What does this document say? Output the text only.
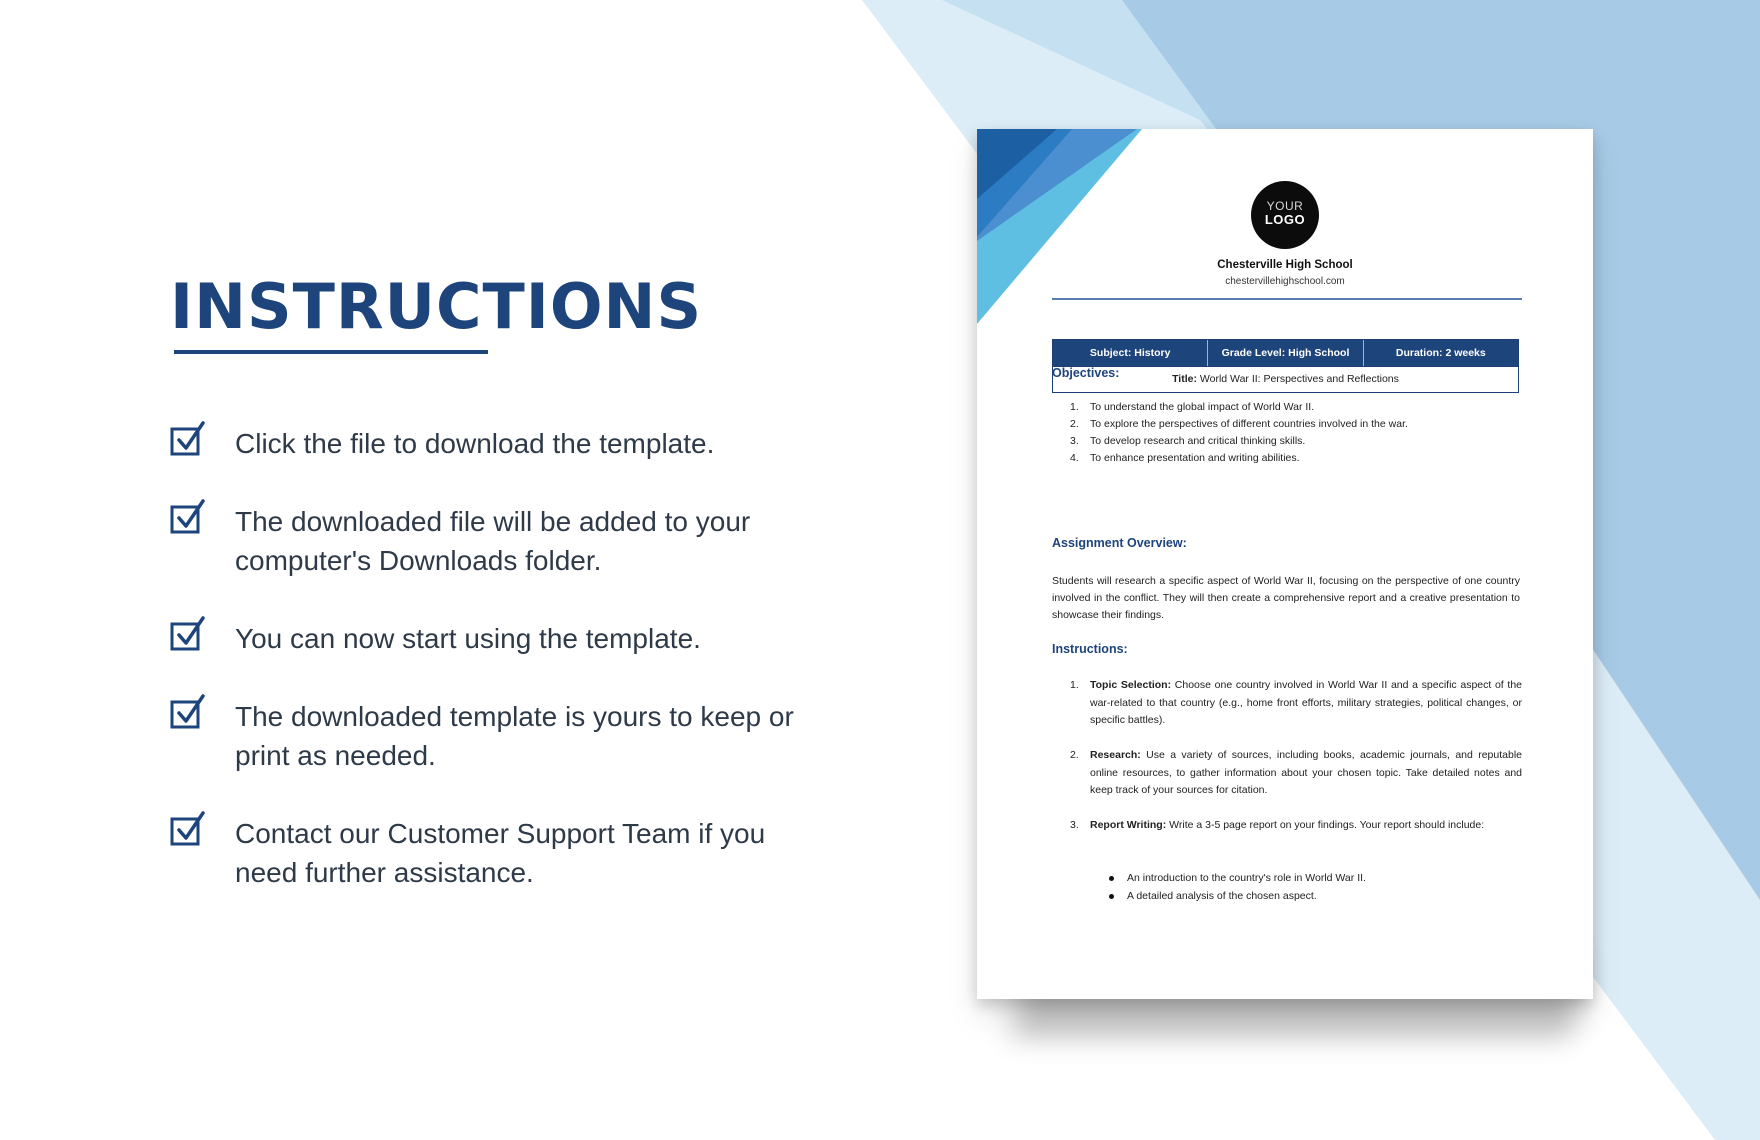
INSTRUCTIONS
Click the file to download the template.
The downloaded file will be added to your computer's Downloads folder.
You can now start using the template.
The downloaded template is yours to keep or print as needed.
Contact our Customer Support Team if you need further assistance.
YOUR
LOGO
Chesterville High School
chestervillehighschool.com
Subject: History	Grade Level: High School	Duration: 2 weeks
Title: World War II: Perspectives and Reflections
Objectives:
1. To understand the global impact of World War II.
2. To explore the perspectives of different countries involved in the war.
3. To develop research and critical thinking skills.
4. To enhance presentation and writing abilities.
Assignment Overview:
Students will research a specific aspect of World War II, focusing on the perspective of one country involved in the conflict. They will then create a comprehensive report and a creative presentation to showcase their findings.
Instructions:
1. Topic Selection: Choose one country involved in World War II and a specific aspect of the war-related to that country (e.g., home front efforts, military strategies, political changes, or specific battles).
2. Research: Use a variety of sources, including books, academic journals, and reputable online resources, to gather information about your chosen topic. Take detailed notes and keep track of your sources for citation.
3. Report Writing: Write a 3-5 page report on your findings. Your report should include:
An introduction to the country's role in World War II.
A detailed analysis of the chosen aspect.
